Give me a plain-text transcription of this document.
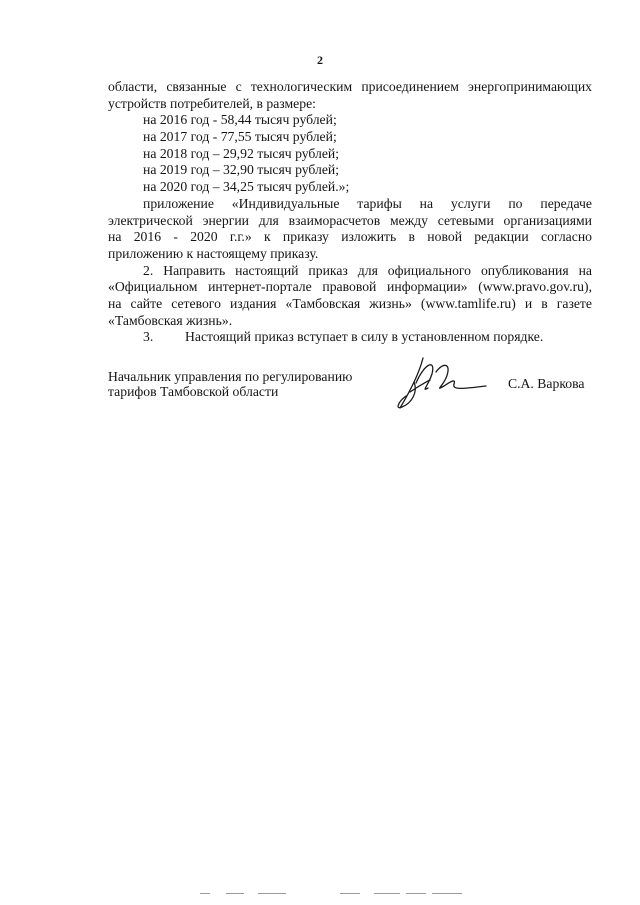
2
области, связанные с технологическим присоединением энергопринимающих
устройств потребителей, в размере:
на 2016 год - 58,44 тысяч рублей;
на 2017 год - 77,55 тысяч рублей;
на 2018 год – 29,92 тысяч рублей;
на 2019 год – 32,90 тысяч рублей;
на 2020 год – 34,25 тысяч рублей.»;
приложение «Индивидуальные тарифы на услуги по передаче
электрической энергии для взаиморасчетов между сетевыми организациями
на 2016 - 2020 г.г.» к приказу изложить в новой редакции согласно
приложению к настоящему приказу.
2. Направить настоящий приказ для официального опубликования на
«Официальном интернет-портале правовой информации» (www.pravo.gov.ru),
на сайте сетевого издания «Тамбовская жизнь» (www.tamlife.ru) и в газете
«Тамбовская жизнь».
3. Настоящий приказ вступает в силу в установленном порядке.
Начальник управления по регулированию
тарифов Тамбовской области
С.А. Варкова
